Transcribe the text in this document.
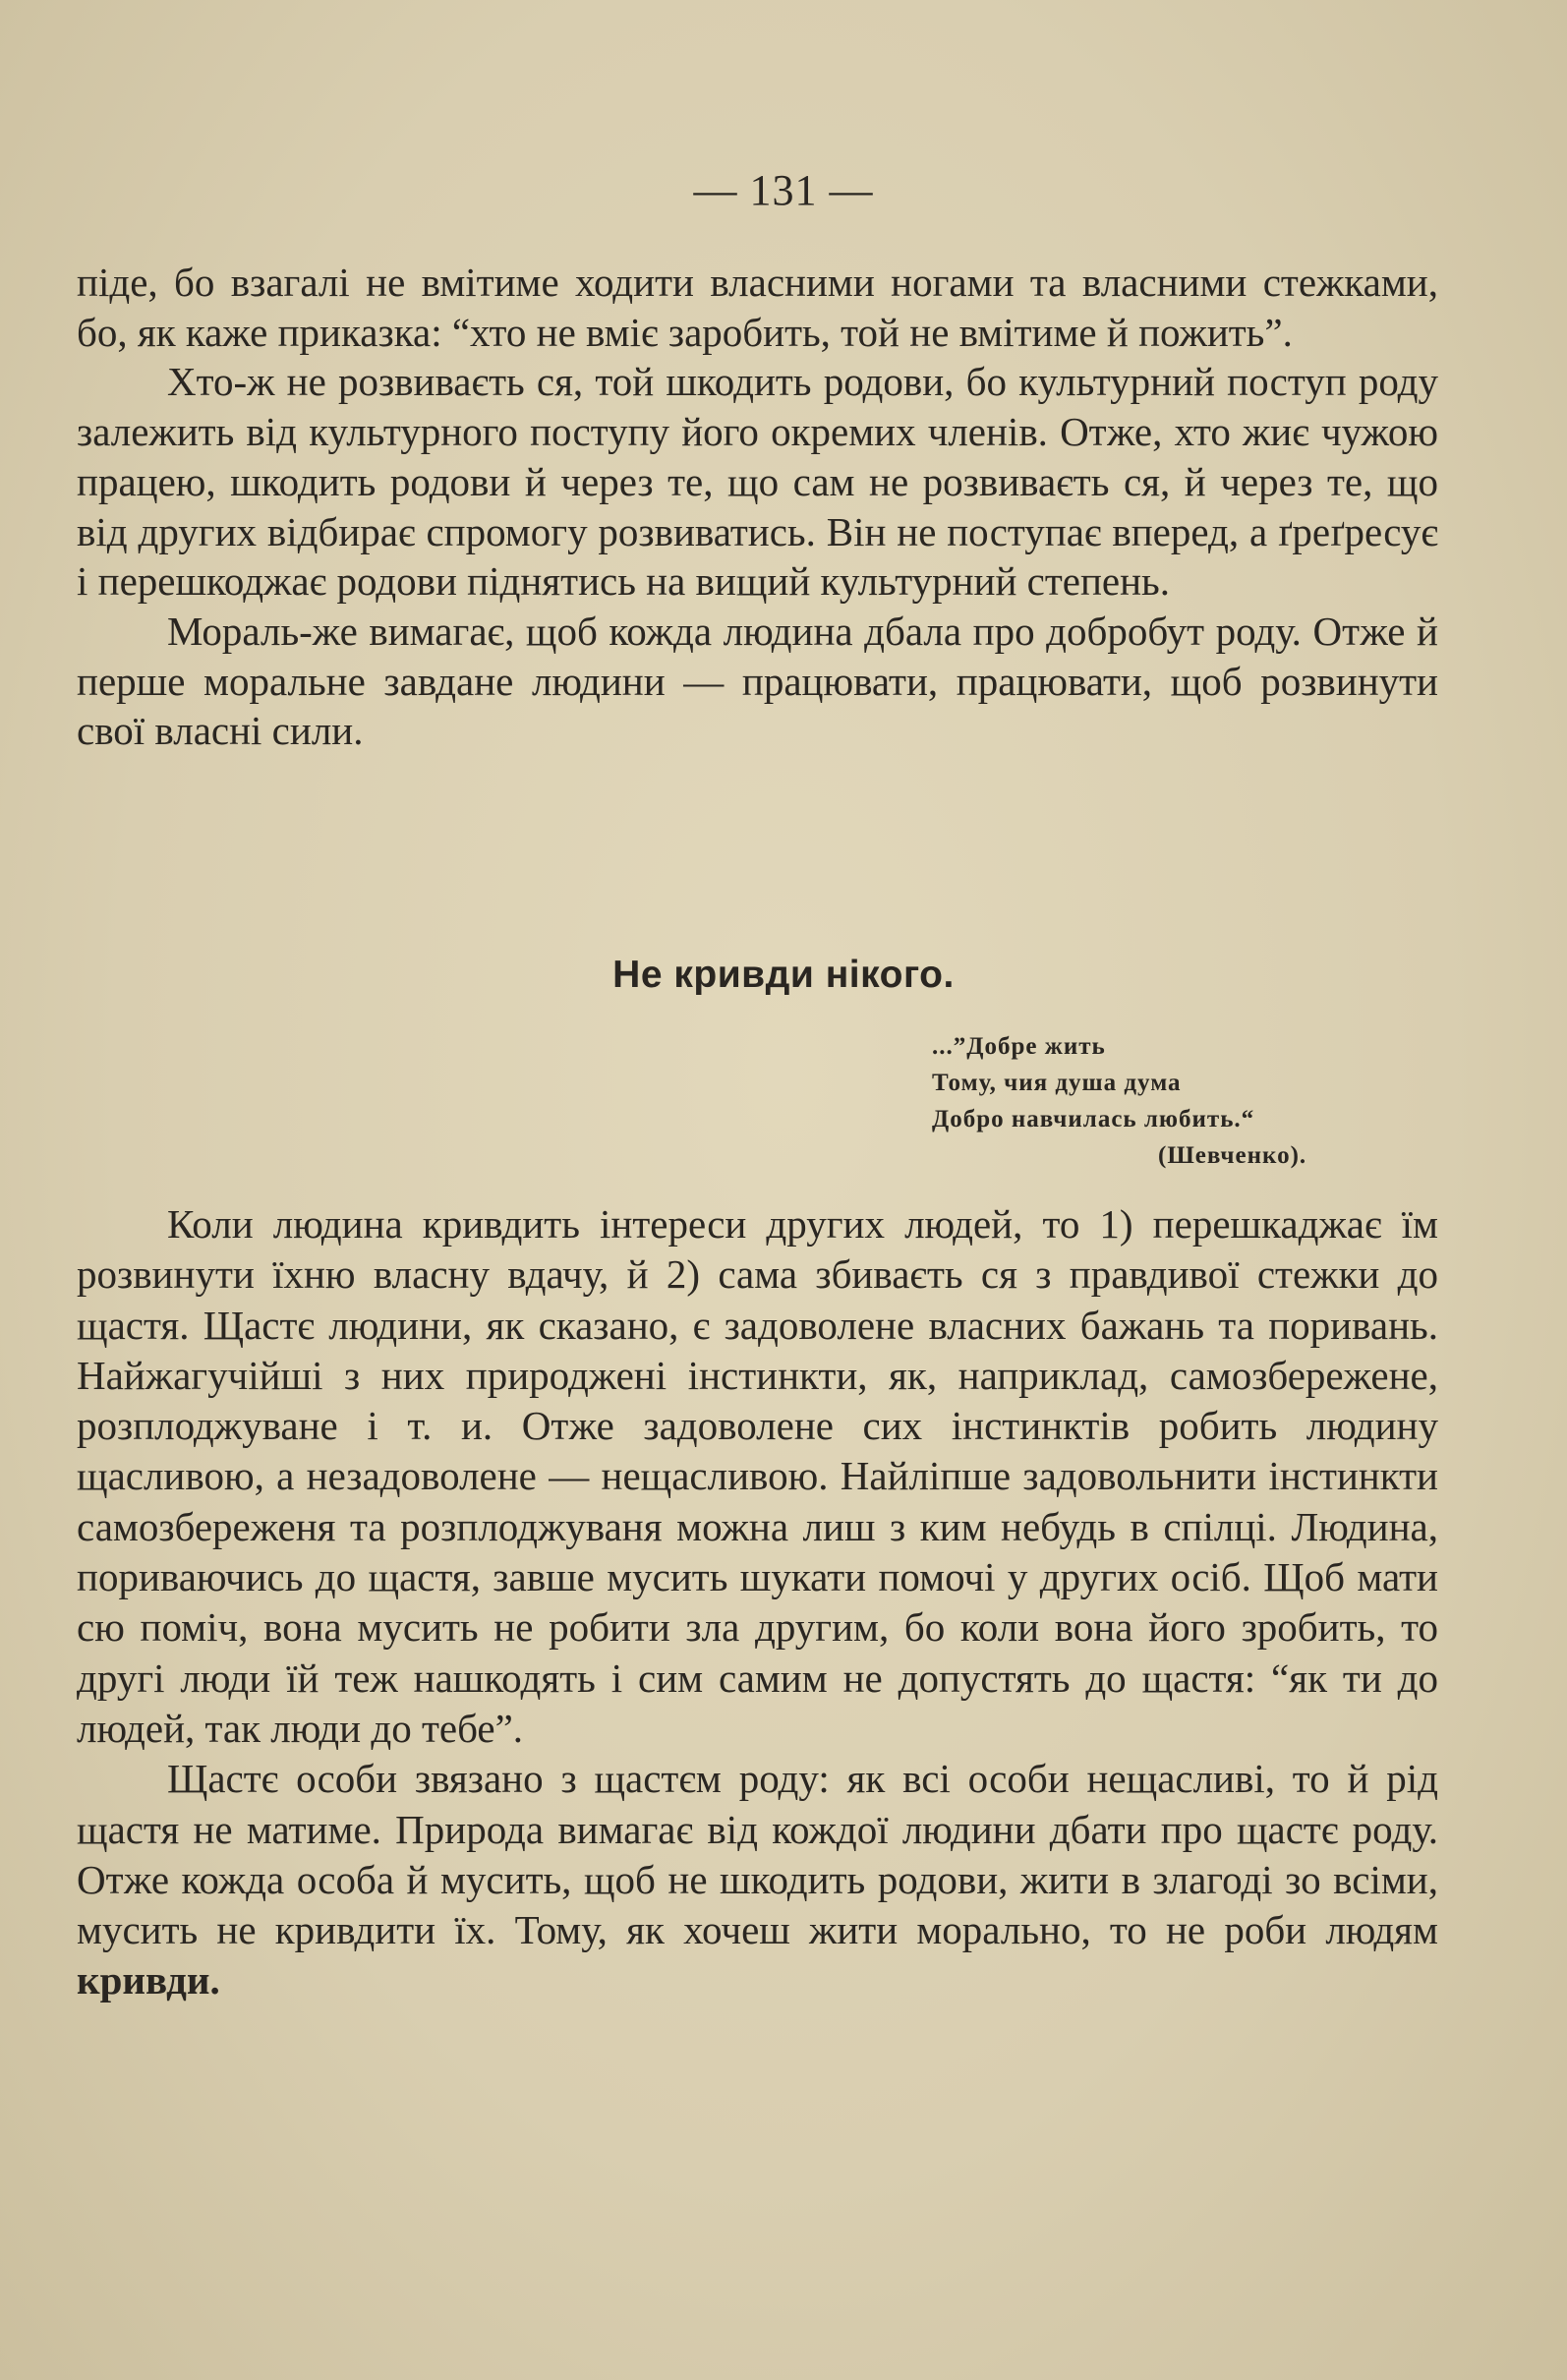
— 131 —

піде, бо взагалі не вмітиме ходити власними ногами та власними стежками, бо, як каже приказка: “хто не вміє заробить, той не вмітиме й пожить”.

Хто-ж не розвиваєть ся, той шкодить родови, бо культурний поступ роду залежить від культурного поступу його окремих членів. Отже, хто жиє чужою працею, шкодить родови й через те, що сам не розвиваєть ся, й через те, що від других відбирає спромогу розвиватись. Він не поступає вперед, а ґреґресує і перешкоджає родови піднятись на вищий культурний степень.

Мораль-же вимагає, щоб кожда людина дбала про добробут роду. Отже й перше моральне завдане людини — працювати, працювати, щоб розвинути свої власні сили.

Не кривди нікого.
...”Добре жить
Тому, чия душа дума
Добро навчилась любить.“
(Шевченко).

Коли людина кривдить інтереси других людей, то 1) перешкаджає їм розвинути їхню власну вдачу, й 2) сама збиваєть ся з правдивої стежки до щастя. Щастє людини, як сказано, є задоволене власних бажань та поривань. Найжагучійші з них природжені інстинкти, як, наприклад, самозбережене, розплоджуване і т. и. Отже задоволене сих інстинктів робить людину щасливою, а незадоволене — нещасливою. Найліпше задовольнити інстинкти самозбереженя та розплоджуваня можна лиш з ким небудь в спілці. Людина, пориваючись до щастя, завше мусить шукати помочі у других осіб. Щоб мати сю поміч, вона мусить не робити зла другим, бо коли вона його зробить, то другі люди їй теж нашкодять і сим самим не допустять до щастя: “як ти до людей, так люди до тебе”.

Щастє особи звязано з щастєм роду: як всі особи нещасливі, то й рід щастя не матиме. Природа вимагає від кождої людини дбати про щастє роду. Отже кожда особа й мусить, щоб не шкодить родови, жити в злагоді зо всіми, мусить не кривдити їх. Тому, як хочеш жити морально, то не роби людям кривди.
